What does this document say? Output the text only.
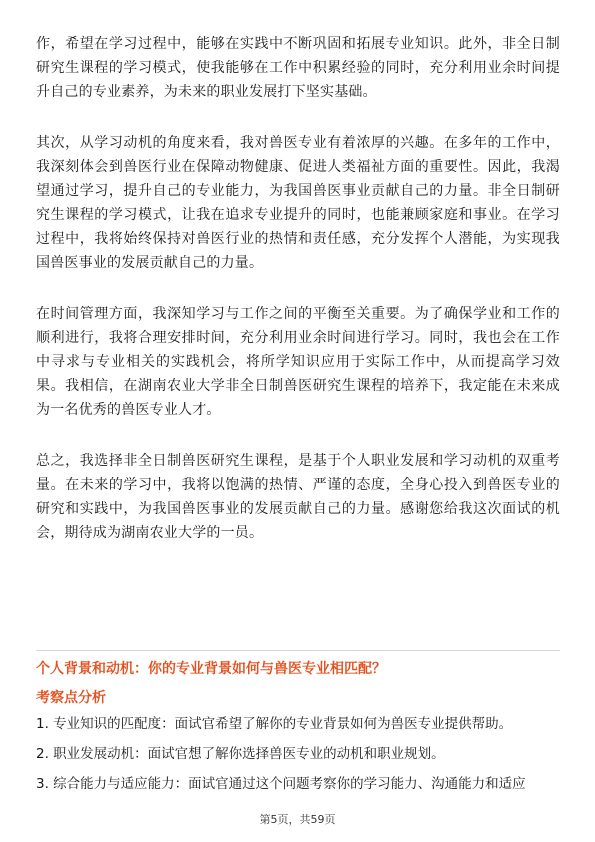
作，希望在学习过程中，能够在实践中不断巩固和拓展专业知识。此外，非全日制研究生课程的学习模式，使我能够在工作中积累经验的同时，充分利用业余时间提升自己的专业素养，为未来的职业发展打下坚实基础。

其次，从学习动机的角度来看，我对兽医专业有着浓厚的兴趣。在多年的工作中，我深刻体会到兽医行业在保障动物健康、促进人类福祉方面的重要性。因此，我渴望通过学习，提升自己的专业能力，为我国兽医事业贡献自己的力量。非全日制研究生课程的学习模式，让我在追求专业提升的同时，也能兼顾家庭和事业。在学习过程中，我将始终保持对兽医行业的热情和责任感，充分发挥个人潜能，为实现我国兽医事业的发展贡献自己的力量。

在时间管理方面，我深知学习与工作之间的平衡至关重要。为了确保学业和工作的顺利进行，我将合理安排时间，充分利用业余时间进行学习。同时，我也会在工作中寻求与专业相关的实践机会，将所学知识应用于实际工作中，从而提高学习效果。我相信，在湖南农业大学非全日制兽医研究生课程的培养下，我定能在未来成为一名优秀的兽医专业人才。

总之，我选择非全日制兽医研究生课程，是基于个人职业发展和学习动机的双重考量。在未来的学习中，我将以饱满的热情、严谨的态度，全身心投入到兽医专业的研究和实践中，为我国兽医事业的发展贡献自己的力量。感谢您给我这次面试的机会，期待成为湖南农业大学的一员。

个人背景和动机：你的专业背景如何与兽医专业相匹配？
考察点分析
1. 专业知识的匹配度：面试官希望了解你的专业背景如何为兽医专业提供帮助。
2. 职业发展动机：面试官想了解你选择兽医专业的动机和职业规划。
3. 综合能力与适应能力：面试官通过这个问题考察你的学习能力、沟通能力和适应
第5页，共59页
